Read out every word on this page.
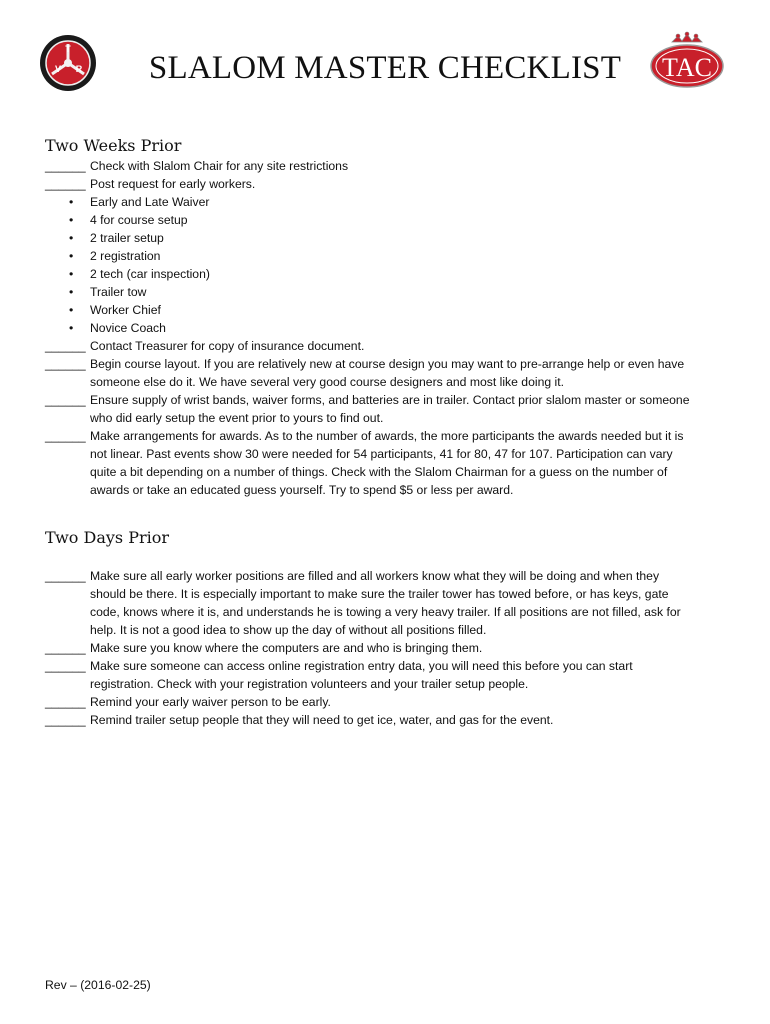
T
V R	SLALOM MASTER CHECKLIST	TAC
Two Weeks Prior
______ Check with Slalom Chair for any site restrictions
______ Post request for early workers.
•	Early and Late Waiver
•	4 for course setup
•	2 trailer setup
•	2 registration
•	2 tech (car inspection)
•	Trailer tow
•	Worker Chief
•	Novice Coach
______ Contact Treasurer for copy of insurance document.
______ Begin course layout. If you are relatively new at course design you may want to pre-arrange help or even have
someone else do it. We have several very good course designers and most like doing it.
______ Ensure supply of wrist bands, waiver forms, and batteries are in trailer. Contact prior slalom master or someone
who did early setup the event prior to yours to find out.
______ Make arrangements for awards. As to the number of awards, the more participants the awards needed but it is
not linear. Past events show 30 were needed for 54 participants, 41 for 80, 47 for 107. Participation can vary
quite a bit depending on a number of things. Check with the Slalom Chairman for a guess on the number of
awards or take an educated guess yourself. Try to spend $5 or less per award.
Two Days Prior
______ Make sure all early worker positions are filled and all workers know what they will be doing and when they
should be there. It is especially important to make sure the trailer tower has towed before, or has keys, gate
code, knows where it is, and understands he is towing a very heavy trailer. If all positions are not filled, ask for
help. It is not a good idea to show up the day of without all positions filled.
______ Make sure you know where the computers are and who is bringing them.
______ Make sure someone can access online registration entry data, you will need this before you can start
registration. Check with your registration volunteers and your trailer setup people.
______ Remind your early waiver person to be early.
______ Remind trailer setup people that they will need to get ice, water, and gas for the event.
Rev – (2016-02-25)
